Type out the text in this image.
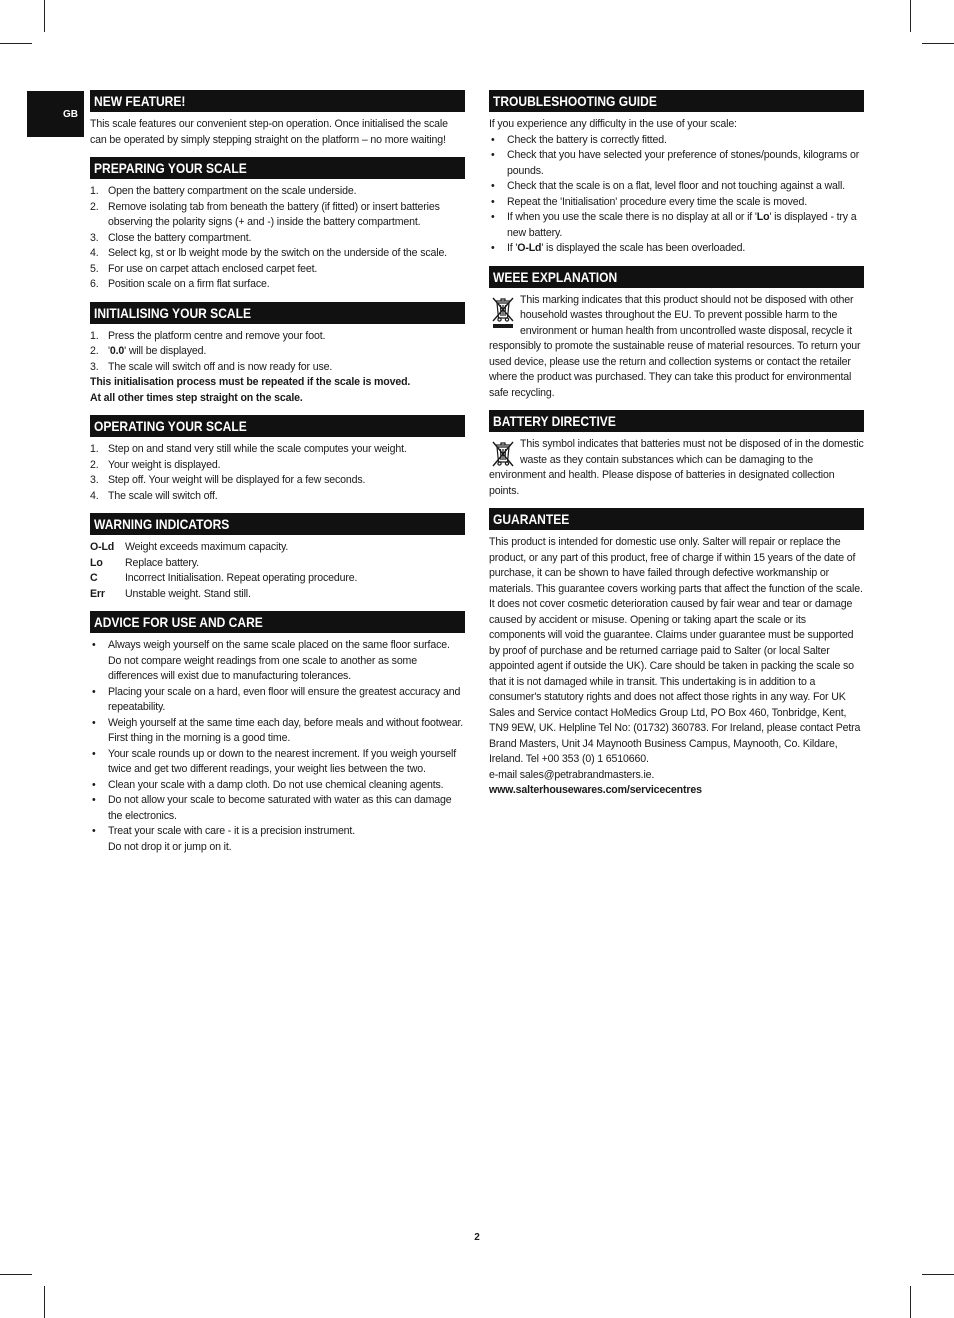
GB
NEW FEATURE!

This scale features our convenient step-on operation. Once initialised the scale can be operated by simply stepping straight on the platform – no more waiting!

PREPARING YOUR SCALE
1. Open the battery compartment on the scale underside.
2. Remove isolating tab from beneath the battery (if fitted) or insert batteries observing the polarity signs (+ and -) inside the battery compartment.
3. Close the battery compartment.
4. Select kg, st or lb weight mode by the switch on the underside of the scale.
5. For use on carpet attach enclosed carpet feet.
6. Position scale on a firm flat surface.
INITIALISING YOUR SCALE
1. Press the platform centre and remove your foot.
2. '0.0' will be displayed.
3. The scale will switch off and is now ready for use.

This initialisation process must be repeated if the scale is moved.

At all other times step straight on the scale.

OPERATING YOUR SCALE
1. Step on and stand very still while the scale computes your weight.
2. Your weight is displayed.
3. Step off. Your weight will be displayed for a few seconds.
4. The scale will switch off.
WARNING INDICATORS
O-Ld	Weight exceeds maximum capacity.
Lo	Replace battery.
C	Incorrect Initialisation. Repeat operating procedure.
Err	Unstable weight. Stand still.
ADVICE FOR USE AND CARE
• Always weigh yourself on the same scale placed on the same floor surface.
Do not compare weight readings from one scale to another as some differences will exist due to manufacturing tolerances.
• Placing your scale on a hard, even floor will ensure the greatest accuracy and repeatability.
• Weigh yourself at the same time each day, before meals and without footwear.
First thing in the morning is a good time.
• Your scale rounds up or down to the nearest increment. If you weigh yourself twice and get two different readings, your weight lies between the two.
• Clean your scale with a damp cloth. Do not use chemical cleaning agents.
• Do not allow your scale to become saturated with water as this can damage the electronics.
• Treat your scale with care - it is a precision instrument.
Do not drop it or jump on it.
TROUBLESHOOTING GUIDE

If you experience any difficulty in the use of your scale:

• Check the battery is correctly fitted.
• Check that you have selected your preference of stones/pounds, kilograms or pounds.
• Check that the scale is on a flat, level floor and not touching against a wall.
• Repeat the 'Initialisation' procedure every time the scale is moved.
• If when you use the scale there is no display at all or if 'Lo' is displayed - try a new battery.
• If 'O-Ld' is displayed the scale has been overloaded.
WEEE EXPLANATION
This marking indicates that this product should not be disposed with other household wastes throughout the EU. To prevent possible harm to the environment or human health from uncontrolled waste disposal, recycle it responsibly to promote the sustainable reuse of material resources. To return your used device, please use the return and collection systems or contact the retailer where the product was purchased. They can take this product for environmental safe recycling.
BATTERY DIRECTIVE
This symbol indicates that batteries must not be disposed of in the domestic waste as they contain substances which can be damaging to the environment and health. Please dispose of batteries in designated collection points.
GUARANTEE

This product is intended for domestic use only. Salter will repair or replace the product, or any part of this product, free of charge if within 15 years of the date of purchase, it can be shown to have failed through defective workmanship or materials. This guarantee covers working parts that affect the function of the scale. It does not cover cosmetic deterioration caused by fair wear and tear or damage caused by accident or misuse. Opening or taking apart the scale or its components will void the guarantee. Claims under guarantee must be supported by proof of purchase and be returned carriage paid to Salter (or local Salter appointed agent if outside the UK). Care should be taken in packing the scale so that it is not damaged while in transit. This undertaking is in addition to a consumer's statutory rights and does not affect those rights in any way. For UK Sales and Service contact HoMedics Group Ltd, PO Box 460, Tonbridge, Kent, TN9 9EW, UK. Helpline Tel No: (01732) 360783. For Ireland, please contact Petra Brand Masters, Unit J4 Maynooth Business Campus, Maynooth, Co. Kildare, Ireland. Tel +00 353 (0) 1 6510660.

e-mail sales@petrabrandmasters.ie.

www.salterhousewares.com/servicecentres

2
